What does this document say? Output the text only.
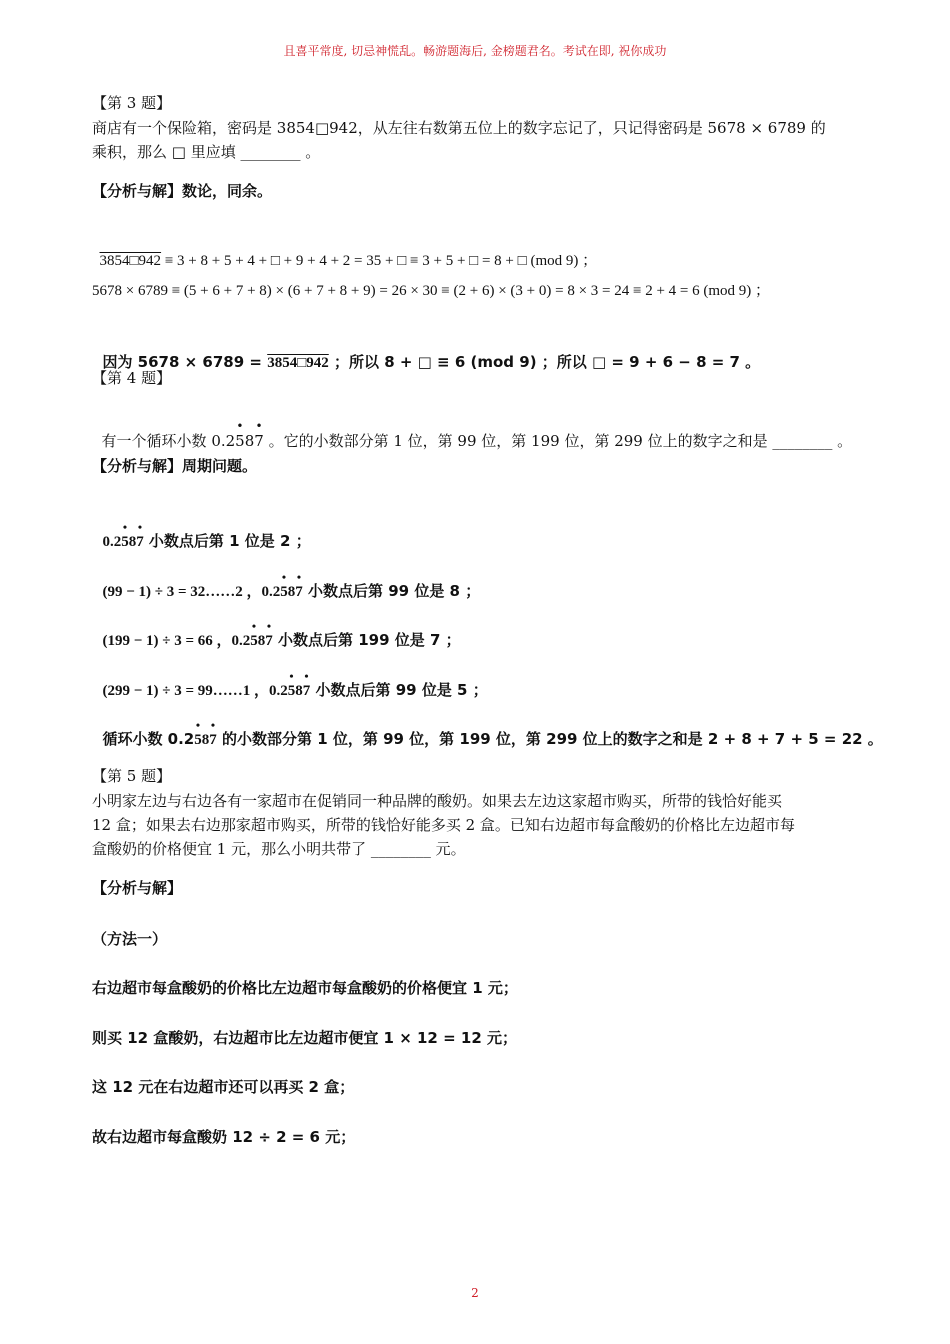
且喜平常度, 切忌神慌乱。畅游题海后, 金榜题君名。考试在即, 祝你成功
【第 3 题】
商店有一个保险箱，密码是 3854□942，从左往右数第五位上的数字忘记了，只记得密码是 5678 × 6789 的
乘积，那么 □ 里应填 ________ 。
【分析与解】数论，同余。

3854□942 ≡ 3 + 8 + 5 + 4 + □ + 9 + 4 + 2 = 35 + □ ≡ 3 + 5 + □ = 8 + □ (mod 9) ；

5678 × 6789 ≡ (5 + 6 + 7 + 8) × (6 + 7 + 8 + 9) = 26 × 30 ≡ (2 + 6) × (3 + 0) = 8 × 3 = 24 ≡ 2 + 4 = 6 (mod 9) ；

因为 5678 × 6789 = 3854□942 ；所以 8 + □ ≡ 6 (mod 9) ；所以 □ = 9 + 6 − 8 = 7 。

【第 4 题】

有一个循环小数 0.2
•
58
•
7 。它的小数部分第 1 位，第 99 位，第 199 位，第 299 位上的数字之和是 ________ 。

【分析与解】周期问题。

0.2
•
58
•
7 小数点后第 1 位是 2 ；

(99 − 1) ÷ 3 = 32……2 ，0.2
•
58
•
7 小数点后第 99 位是 8 ；

(199 − 1) ÷ 3 = 66 ，0.2
•
58
•
7 小数点后第 199 位是 7 ；

(299 − 1) ÷ 3 = 99……1 ，0.2
•
58
•
7 小数点后第 99 位是 5 ；

循环小数 0.2
•
58
•
7 的小数部分第 1 位，第 99 位，第 199 位，第 299 位上的数字之和是 2 + 8 + 7 + 5 = 22 。

【第 5 题】
小明家左边与右边各有一家超市在促销同一种品牌的酸奶。如果去左边这家超市购买，所带的钱恰好能买
12 盒；如果去右边那家超市购买，所带的钱恰好能多买 2 盒。已知右边超市每盒酸奶的价格比左边超市每
盒酸奶的价格便宜 1 元，那么小明共带了 ________ 元。
【分析与解】
（方法一）
右边超市每盒酸奶的价格比左边超市每盒酸奶的价格便宜 1 元；
则买 12 盒酸奶，右边超市比左边超市便宜 1 × 12 = 12 元；
这 12 元在右边超市还可以再买 2 盒；
故右边超市每盒酸奶 12 ÷ 2 = 6 元；
2
